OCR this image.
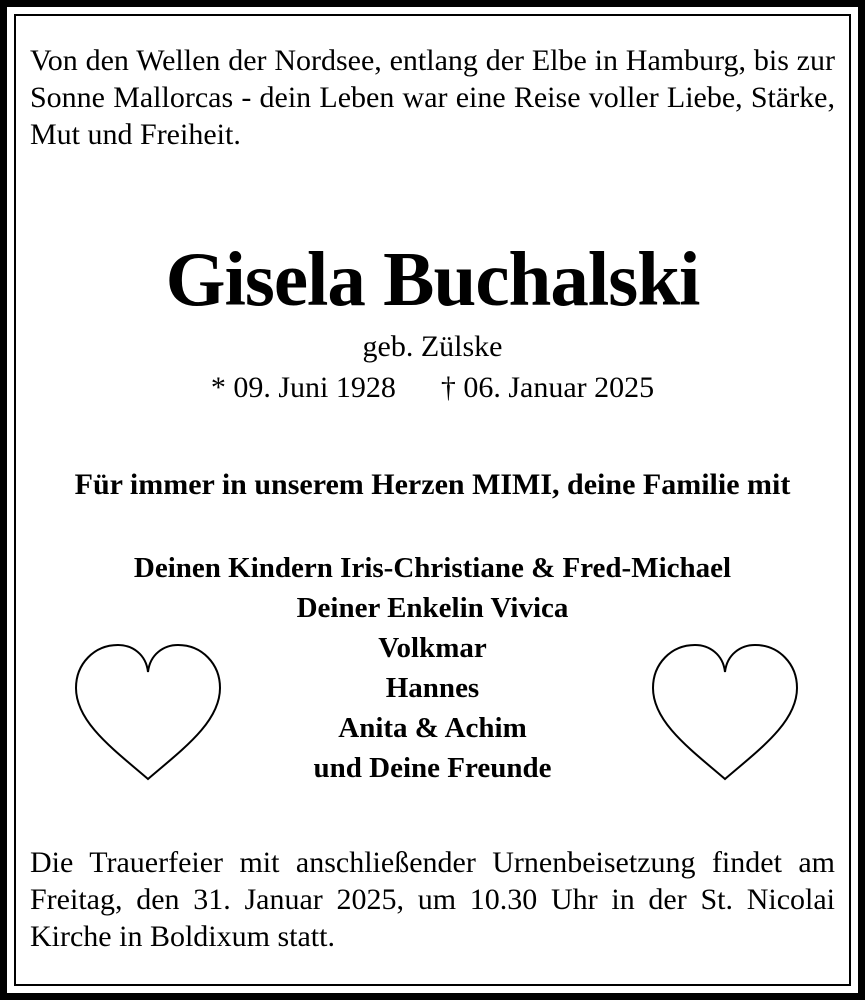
Von den Wellen der Nordsee, entlang der Elbe in Hamburg, bis zur Sonne Mallorcas - dein Leben war eine Reise voller Liebe, Stärke, Mut und Freiheit.

Gisela Buchalski
geb. Zülske
* 09. Juni 1928 † 06. Januar 2025
Für immer in unserem Herzen MIMI, deine Familie mit
Deinen Kindern Iris-Christiane & Fred-Michael
Deiner Enkelin Vivica
Volkmar
Hannes
Anita & Achim
und Deine Freunde

Die Trauerfeier mit anschließender Urnenbeisetzung findet am Freitag, den 31. Januar 2025, um 10.30 Uhr in der St. Nicolai Kirche in Boldixum statt.
